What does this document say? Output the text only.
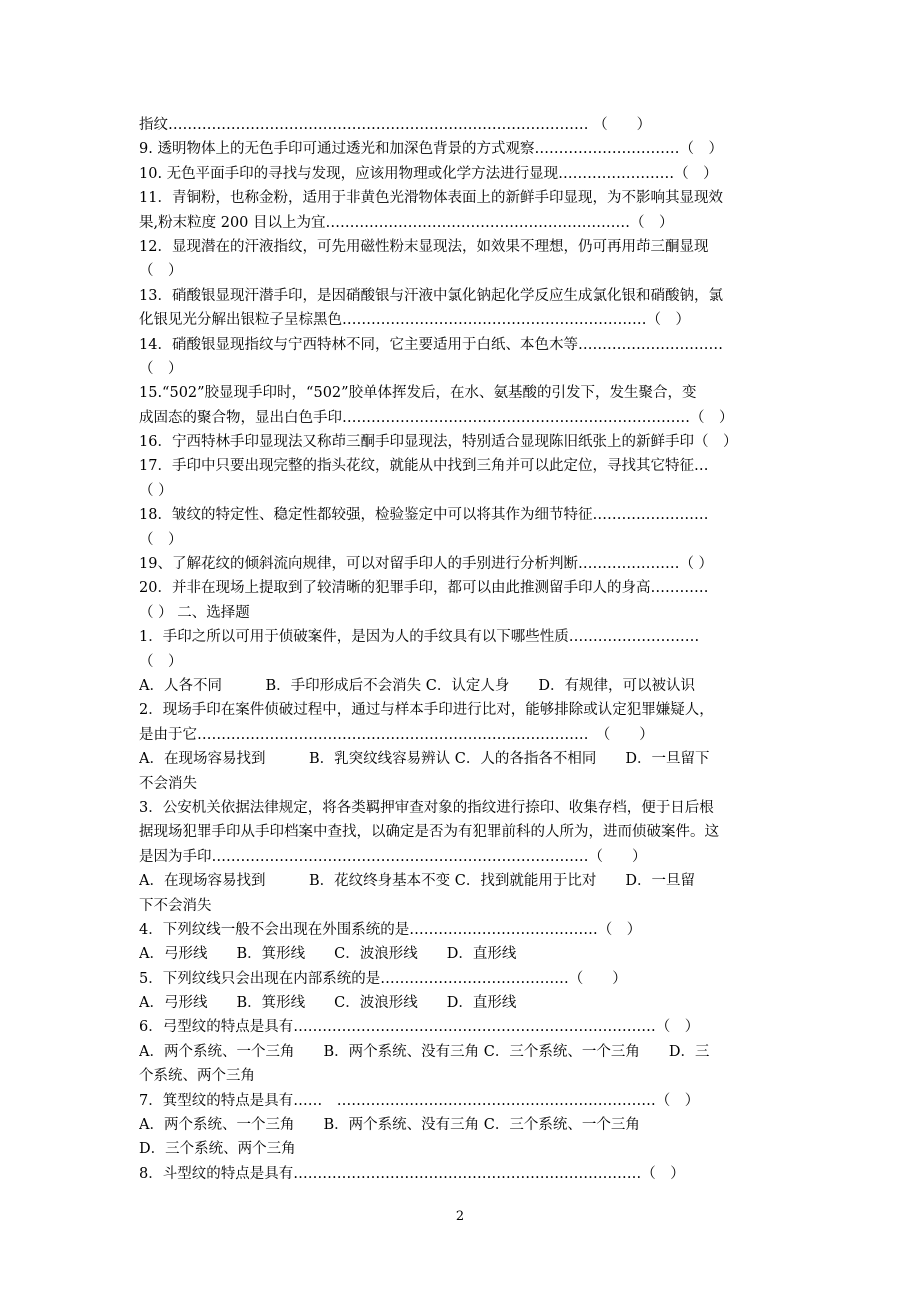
指纹…………………………………………………………………………… （　　）
9. 透明物体上的无色手印可通过透光和加深色背景的方式观察…………………………（　）
10. 无色平面手印的寻找与发现，应该用物理或化学方法进行显现……………………（　）
11．青铜粉，也称金粉，适用于非黄色光滑物体表面上的新鲜手印显现，为不影响其显现效
果,粉末粒度 200 目以上为宜………………………………………………………（　）
12．显现潜在的汗液指纹，可先用磁性粉末显现法，如效果不理想，仍可再用茚三酮显现
（　）
13．硝酸银显现汗潜手印，是因硝酸银与汗液中氯化钠起化学反应生成氯化银和硝酸钠，氯
化银见光分解出银粒子呈棕黑色………………………………………………………（　）
14．硝酸银显现指纹与宁西特林不同，它主要适用于白纸、本色木等…………………………
（　）
15.“502”胶显现手印时，“502”胶单体挥发后，在水、氨基酸的引发下，发生聚合，变
成固态的聚合物，显出白色手印………………………………………………………………（　）
16．宁西特林手印显现法又称茚三酮手印显现法，特别适合显现陈旧纸张上的新鲜手印（　）
17．手印中只要出现完整的指头花纹，就能从中找到三角并可以此定位，寻找其它特征…
（ ）
18．皱纹的特定性、稳定性都较强，检验鉴定中可以将其作为细节特征……………………
（　）
19、了解花纹的倾斜流向规律，可以对留手印人的手别进行分析判断…………………（ ）
20．并非在现场上提取到了较清晰的犯罪手印，都可以由此推测留手印人的身高…………
（ ） 二、选择题
1．手印之所以可用于侦破案件，是因为人的手纹具有以下哪些性质………………………
（　）
A．人各不同　　　B．手印形成后不会消失 C．认定人身　　D．有规律，可以被认识
2．现场手印在案件侦破过程中，通过与样本手印进行比对，能够排除或认定犯罪嫌疑人，
是由于它………………………………………………………………………　（　　）
A．在现场容易找到　　　B．乳突纹线容易辨认 C．人的各指各不相同　　D．一旦留下
不会消失
3．公安机关依据法律规定，将各类羁押审查对象的指纹进行捺印、收集存档，便于日后根
据现场犯罪手印从手印档案中查找，以确定是否为有犯罪前科的人所为，进而侦破案件。这
是因为手印……………………………………………………………………（　　）
A．在现场容易找到　　　B．花纹终身基本不变 C．找到就能用于比对　　D．一旦留
下不会消失
4．下列纹线一般不会出现在外围系统的是…………………………………（　）
A．弓形线　　B．箕形线　　C．波浪形线　　D．直形线
5．下列纹线只会出现在内部系统的是…………………………………（　　）
A．弓形线　　B．箕形线　　C．波浪形线　　D．直形线
6．弓型纹的特点是具有…………………………………………………………………（　）
A．两个系统、一个三角　　B．两个系统、没有三角 C．三个系统、一个三角　　D．三
个系统、两个三角
7．箕型纹的特点是具有……　…………………………………………………………（　）
A．两个系统、一个三角　　B．两个系统、没有三角 C．三个系统、一个三角
D．三个系统、两个三角
8．斗型纹的特点是具有………………………………………………………………（　）
2
